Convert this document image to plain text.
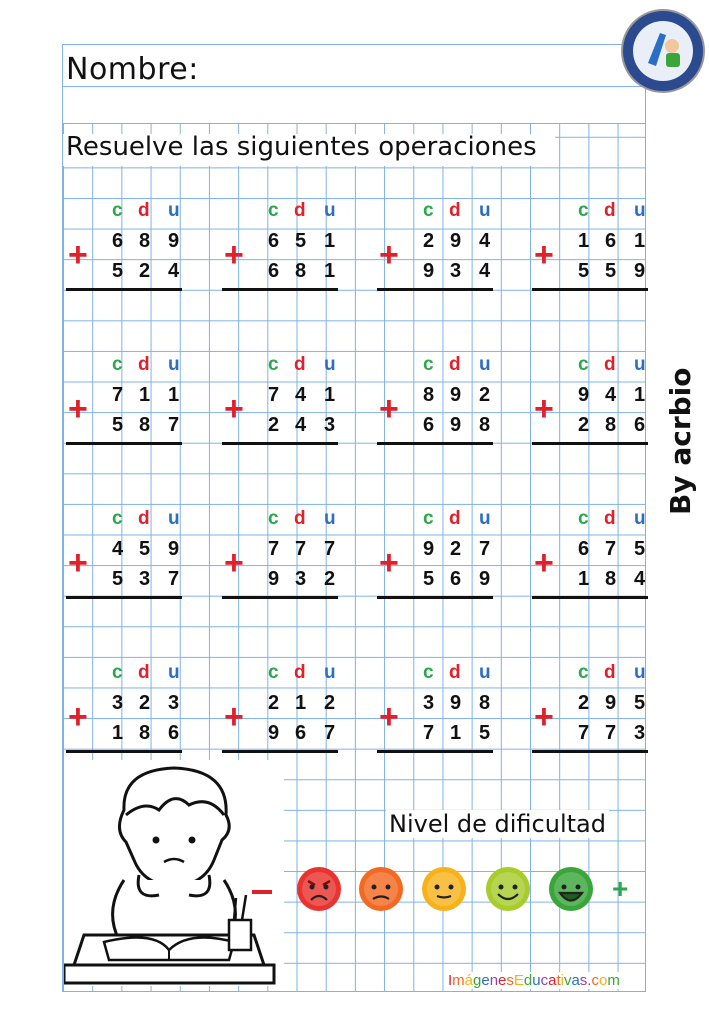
Nombre:
Resuelve las siguientes operaciones
c d u
+ 6 8 9
5 2 4
c d u
+ 6 5 1
6 8 1
c d u
+ 2 9 4
9 3 4
c d u
+ 1 6 1
5 5 9
c d u
+ 7 1 1
5 8 7
c d u
+ 7 4 1
2 4 3
c d u
+ 8 9 2
6 9 8
c d u
+ 9 4 1
2 8 6
c d u
+ 4 5 9
5 3 7
c d u
+ 7 7 7
9 3 2
c d u
+ 9 2 7
5 6 9
c d u
+ 6 7 5
1 8 4
c d u
+ 3 2 3
1 8 6
c d u
+ 2 1 2
9 6 7
c d u
+ 3 9 8
7 1 5
c d u
+ 2 9 5
7 7 3
By acrbio
Nivel de dificultad
+
ImágenesEducativas.com
